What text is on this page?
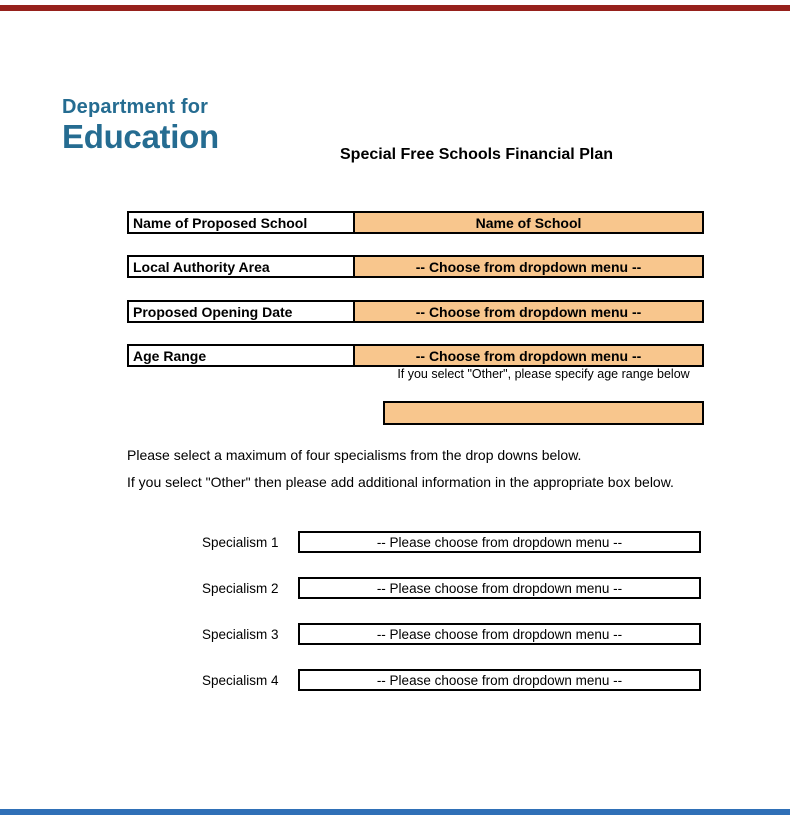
Department for
Education	Special Free Schools Financial Plan
Name of Proposed School	Name of School
Local Authority Area	-- Choose from dropdown menu --
Proposed Opening Date	-- Choose from dropdown menu --
Age Range	-- Choose from dropdown menu --
If you select "Other", please specify age range below
Please select a maximum of four specialisms from the drop downs below.
If you select "Other" then please add additional information in the appropriate box below.
Specialism 1	-- Please choose from dropdown menu --
Specialism 2	-- Please choose from dropdown menu --
Specialism 3	-- Please choose from dropdown menu --
Specialism 4	-- Please choose from dropdown menu --
